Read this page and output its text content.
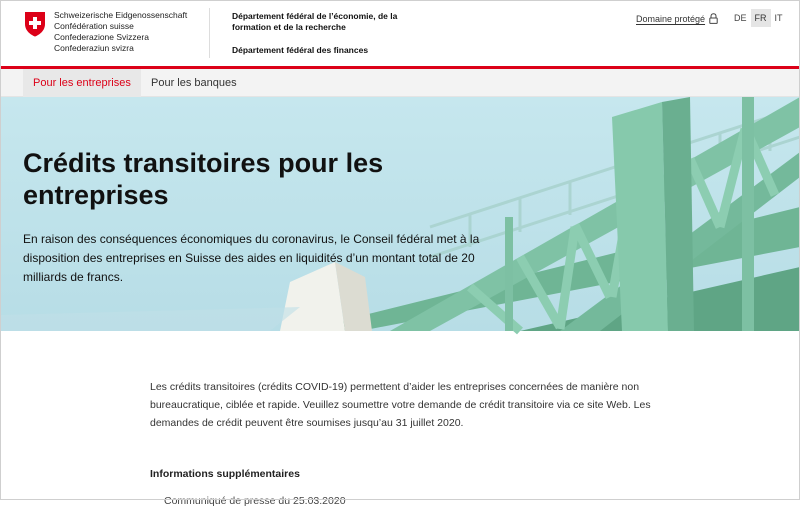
Schweizerische Eidgenossenschaft
Confédération suisse
Confederazione Svizzera
Confederaziun svizra
Département fédéral de l’économie, de la formation et de la recherche
Département fédéral des finances
Domaine protégé	DE FR IT
Pour les entreprises	Pour les banques
Crédits transitoires pour les entreprises

En raison des conséquences économiques du coronavirus, le Conseil fédéral met à la disposition des entreprises en Suisse des aides en liquidités d’un montant total de 20 milliards de francs.

Les crédits transitoires (crédits COVID-19) permettent d’aider les entreprises concernées de manière non bureaucratique, ciblée et rapide. Veuillez soumettre votre demande de crédit transitoire via ce site Web. Les demandes de crédit peuvent être soumises jusqu’au 31 juillet 2020.

Informations supplémentaires
Communiqué de presse du 25.03.2020
